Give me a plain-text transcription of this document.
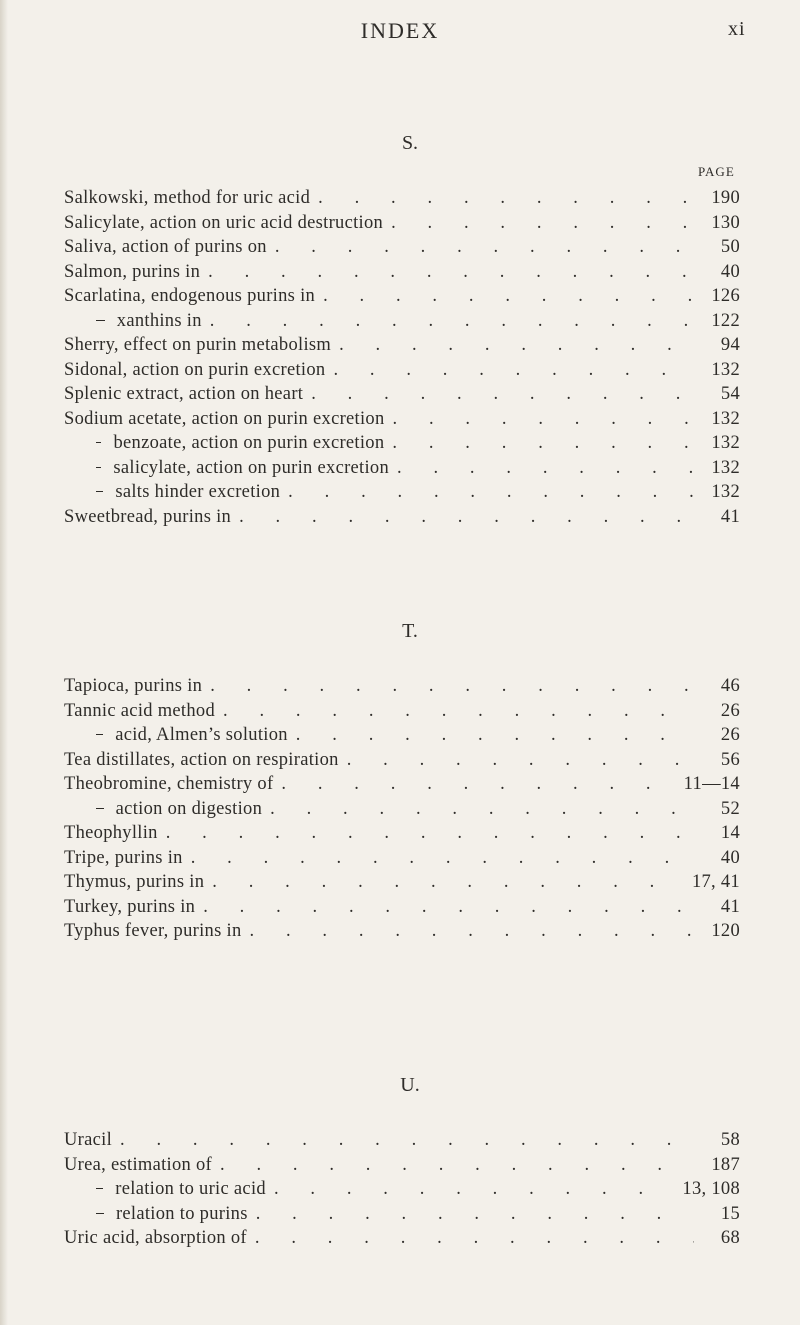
INDEX	xi
PAGE
S.
Salkowski, method for uric acid . . .	190
Salicylate, action on uric acid destruction . . .	130
Saliva, action of purins on . . .	50
Salmon, purins in . . .	40
Scarlatina, endogenous purins in . . .	126
xanthins in . . .	122
Sherry, effect on purin metabolism . . .	94
Sidonal, action on purin excretion . . .	132
Splenic extract, action on heart . . .	54
Sodium acetate, action on purin excretion . . .	132
benzoate, action on purin excretion . . .	132
salicylate, action on purin excretion . . .	132
salts hinder excretion . . .	132
Sweetbread, purins in . . .	41
T.
Tapioca, purins in . . .	46
Tannic acid method . . .	26
acid, Almen’s solution . . .	26
Tea distillates, action on respiration . . .	56
Theobromine, chemistry of . . .	11—14
action on digestion . . .	52
Theophyllin . . .	14
Tripe, purins in . . .	40
Thymus, purins in . . .	17, 41
Turkey, purins in . . .	41
Typhus fever, purins in . . .	120
U.
Uracil . . .	58
Urea, estimation of . . .	187
relation to uric acid . . .	13, 108
relation to purins . . .	15
Uric acid, absorption of . . .	68
